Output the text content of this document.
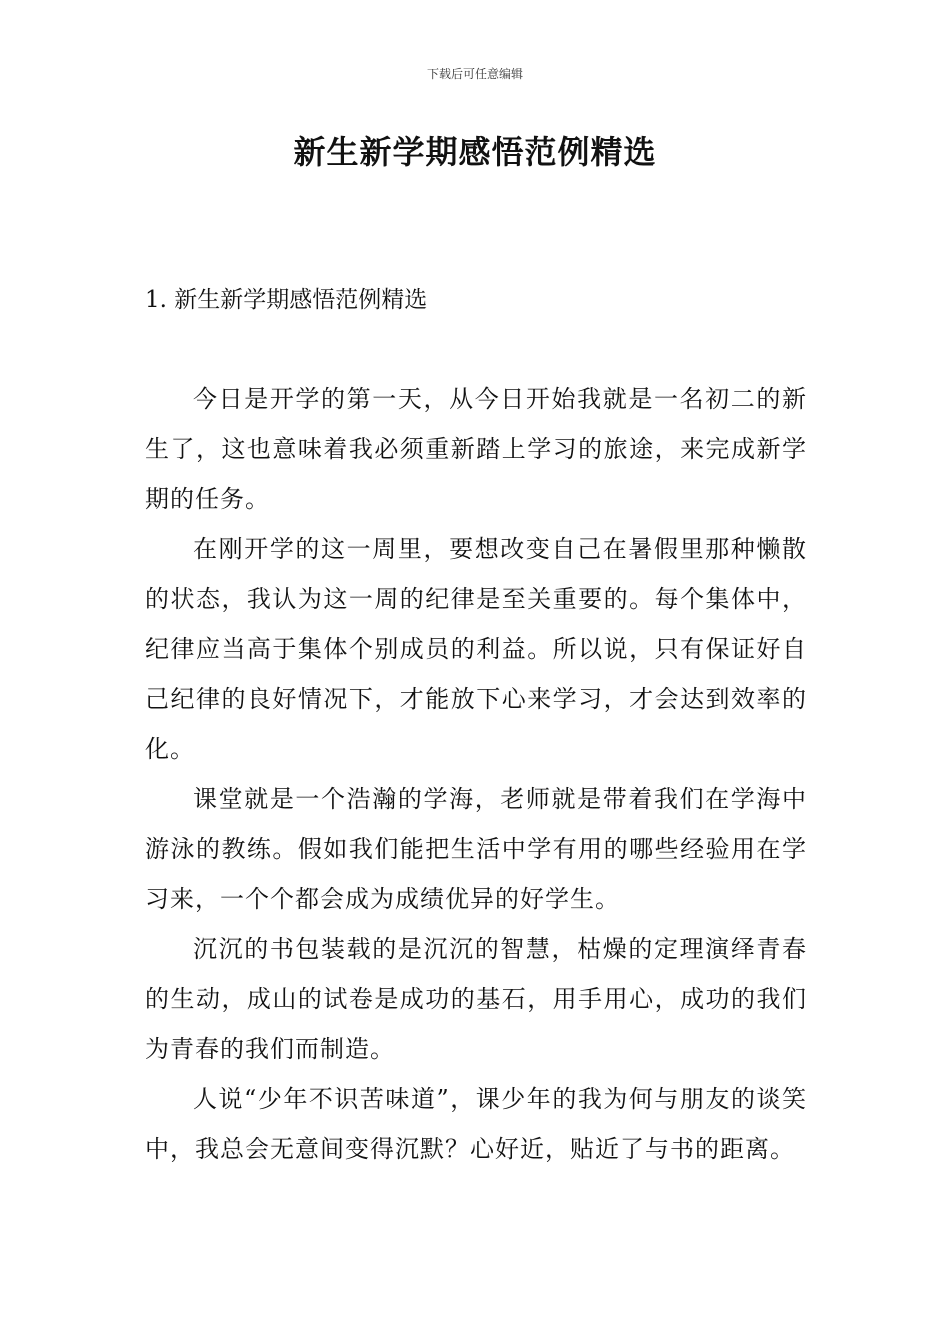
下载后可任意编辑
新生新学期感悟范例精选
1. 新生新学期感悟范例精选

今日是开学的第一天，从今日开始我就是一名初二的新生了，这也意味着我必须重新踏上学习的旅途，来完成新学期的任务。

在刚开学的这一周里，要想改变自己在暑假里那种懒散的状态，我认为这一周的纪律是至关重要的。每个集体中，纪律应当高于集体个别成员的利益。所以说，只有保证好自己纪律的良好情况下，才能放下心来学习，才会达到效率的化。

课堂就是一个浩瀚的学海，老师就是带着我们在学海中游泳的教练。假如我们能把生活中学有用的哪些经验用在学习来，一个个都会成为成绩优异的好学生。

沉沉的书包装载的是沉沉的智慧，枯燥的定理演绎青春的生动，成山的试卷是成功的基石，用手用心，成功的我们为青春的我们而制造。

人说“少年不识苦味道”，课少年的我为何与朋友的谈笑中，我总会无意间变得沉默？心好近，贴近了与书的距离。
